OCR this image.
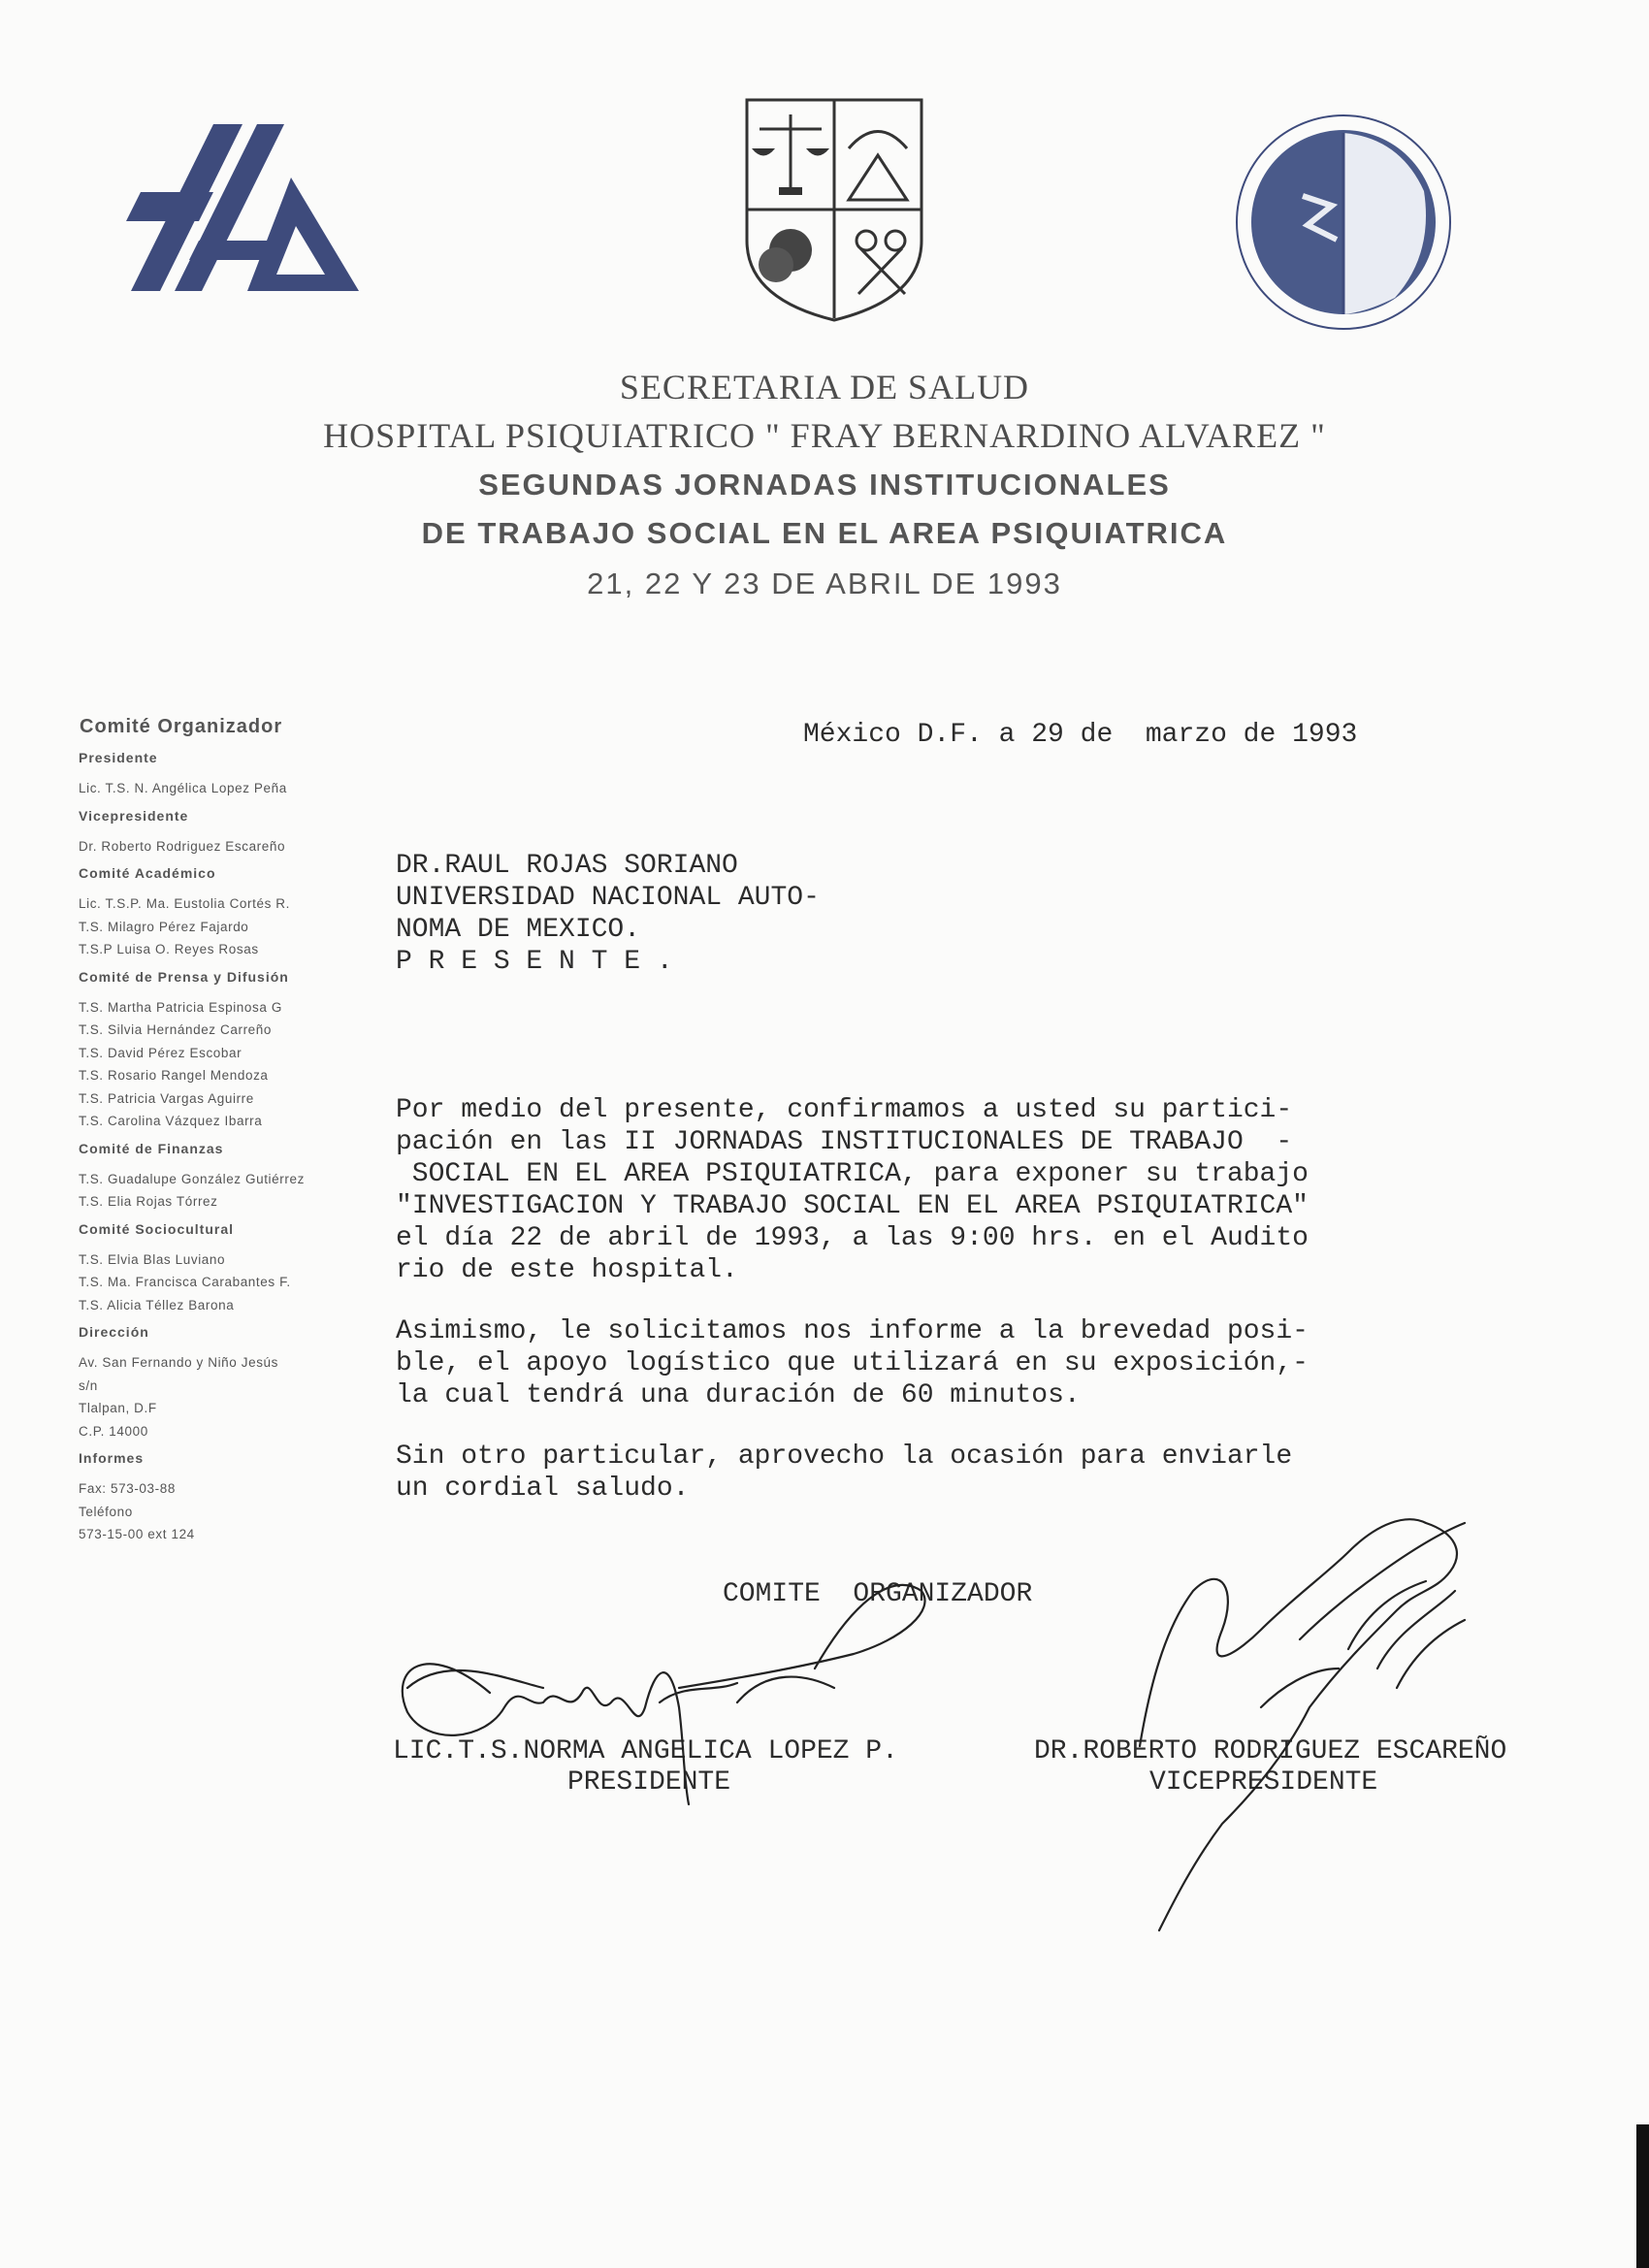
SECRETARIA DE SALUD
HOSPITAL PSIQUIATRICO " FRAY BERNARDINO ALVAREZ "
SEGUNDAS JORNADAS INSTITUCIONALES
DE TRABAJO SOCIAL EN EL AREA PSIQUIATRICA
21, 22 Y 23 DE ABRIL DE 1993
Comité Organizador
Presidente
Lic. T.S. N. Angélica Lopez Peña
Vicepresidente
Dr. Roberto Rodriguez Escareño
Comité Académico
Lic. T.S.P. Ma. Eustolia Cortés R.
T.S. Milagro Pérez Fajardo
T.S.P Luisa O. Reyes Rosas
Comité de Prensa y Difusión
T.S. Martha Patricia Espinosa G
T.S. Silvia Hernández Carreño
T.S. David Pérez Escobar
T.S. Rosario Rangel Mendoza
T.S. Patricia Vargas Aguirre
T.S. Carolina Vázquez Ibarra
Comité de Finanzas
T.S. Guadalupe González Gutiérrez
T.S. Elia Rojas Tórrez
Comité Sociocultural
T.S. Elvia Blas Luviano
T.S. Ma. Francisca Carabantes F.
T.S. Alicia Téllez Barona
Dirección
Av. San Fernando y Niño Jesús
s/n
Tlalpan, D.F
C.P. 14000
Informes
Fax: 573-03-88
Teléfono
573-15-00 ext 124
México D.F. a 29 de  marzo de 1993
DR.RAUL ROJAS SORIANO
UNIVERSIDAD NACIONAL AUTO-
NOMA DE MEXICO.
P R E S E N T E .
Por medio del presente, confirmamos a usted su partici-
pación en las II JORNADAS INSTITUCIONALES DE TRABAJO  -
SOCIAL EN EL AREA PSIQUIATRICA, para exponer su trabajo
"INVESTIGACION Y TRABAJO SOCIAL EN EL AREA PSIQUIATRICA"
el día 22 de abril de 1993, a las 9:00 hrs. en el Audito
rio de este hospital.
Asimismo, le solicitamos nos informe a la brevedad posi-
ble, el apoyo logístico que utilizará en su exposición,-
la cual tendrá una duración de 60 minutos.
Sin otro particular, aprovecho la ocasión para enviarle
un cordial saludo.
COMITE  ORGANIZADOR
LIC.T.S.NORMA ANGELICA LOPEZ P.
PRESIDENTE
DR.ROBERTO RODRIGUEZ ESCAREÑO
VICEPRESIDENTE
